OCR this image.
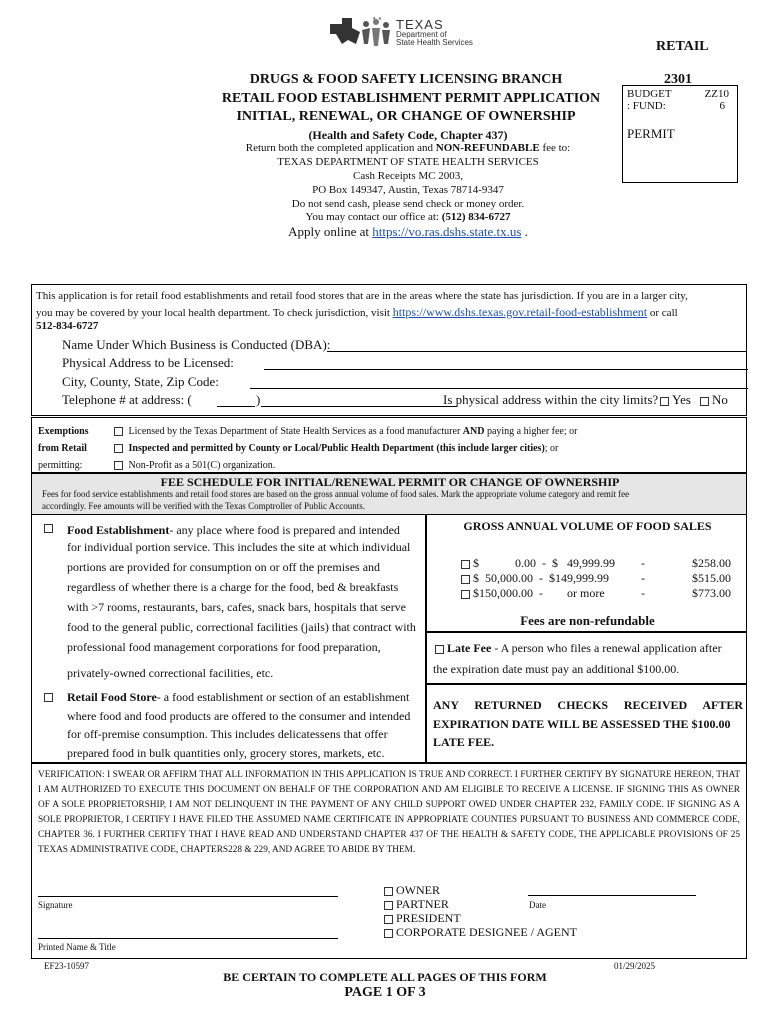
★ ★ TEXAS
Department of
State Health Services	RETAIL
2301
DRUGS & FOOD SAFETY LICENSING BRANCH
RETAIL FOOD ESTABLISHMENT PERMIT APPLICATION
INITIAL, RENEWAL, OR CHANGE OF OWNERSHIP
BUDGET	ZZ10
: FUND:	6
PERMIT
(Health and Safety Code, Chapter 437)
Return both the completed application and NON-REFUNDABLE fee to:
TEXAS DEPARTMENT OF STATE HEALTH SERVICES
Cash Receipts MC 2003,
PO Box 149347, Austin, Texas 78714-9347
Do not send cash, please send check or money order.
You may contact our office at: (512) 834-6727
Apply online at https://vo.ras.dshs.state.tx.us .
This application is for retail food establishments and retail food stores that are in the areas where the state has jurisdiction. If you are in a larger city,
you may be covered by your local health department. To check jurisdiction, visit https://www.dshs.texas.gov.retail-food-establishment or call
512-834-6727
Name Under Which Business is Conducted (DBA):
Physical Address to be Licensed:
City, County, State, Zip Code:
Telephone # at address: (	)	Is physical address within the city limits?	Yes	No
Exemptions
from Retail
permitting:
Licensed by the Texas Department of State Health Services as a food manufacturer AND paying a higher fee; or
Inspected and permitted by County or Local/Public Health Department (this include larger cities); or
Non-Profit as a 501(C) organization.
FEE SCHEDULE FOR INITIAL/RENEWAL PERMIT OR CHANGE OF OWNERSHIP
Fees for food service establishments and retail food stores are based on the gross annual volume of food sales. Mark the appropriate volume category and remit fee
accordingly. Fee amounts will be verified with the Texas Comptroller of Public Accounts.
Food Establishment- any place where food is prepared and intended
for individual portion service. This includes the site at which individual
portions are provided for consumption on or off the premises and
regardless of whether there is a charge for the food, bed & breakfasts
with >7 rooms, restaurants, bars, cafes, snack bars, hospitals that serve
food to the general public, correctional facilities (jails) that contract with
professional food management corporations for food preparation,
privately-owned correctional facilities, etc.
Retail Food Store- a food establishment or section of an establishment
where food and food products are offered to the consumer and intended
for off-premise consumption. This includes delicatessens that offer
prepared food in bulk quantities only, grocery stores, markets, etc.
GROSS ANNUAL VOLUME OF FOOD SALES
$            0.00  -  $   49,999.99 -	$258.00
$  50,000.00  -  $149,999.99	-	$515.00
$150,000.00  -        or more	-	$773.00
Fees are non-refundable
Late Fee - A person who files a renewal application after
the expiration date must pay an additional $100.00.
ANY RETURNED CHECKS RECEIVED AFTER
EXPIRATION DATE WILL BE ASSESSED THE $100.00
LATE FEE.
VERIFICATION: I SWEAR OR AFFIRM THAT ALL INFORMATION IN THIS APPLICATION IS TRUE AND CORRECT. I FURTHER CERTIFY BY SIGNATURE HEREON, THAT I AM AUTHORIZED TO EXECUTE THIS DOCUMENT ON BEHALF OF THE CORPORATION AND AM ELIGIBLE TO RECEIVE A LICENSE. IF SIGNING THIS AS OWNER OF A SOLE PROPRIETORSHIP, I AM NOT DELINQUENT IN THE PAYMENT OF ANY CHILD SUPPORT OWED UNDER CHAPTER 232, FAMILY CODE. IF SIGNING AS A SOLE PROPRIETOR, I CERTIFY I HAVE FILED THE ASSUMED NAME CERTIFICATE IN APPROPRIATE COUNTIES PURSUANT TO BUSINESS AND COMMERCE CODE, CHAPTER 36. I FURTHER CERTIFY THAT I HAVE READ AND UNDERSTAND CHAPTER 437 OF THE HEALTH & SAFETY CODE, THE APPLICABLE PROVISIONS OF 25 TEXAS ADMINISTRATIVE CODE, CHAPTERS228 & 229, AND AGREE TO ABIDE BY THEM.
Signature
OWNER
PARTNER
PRESIDENT
CORPORATE DESIGNEE / AGENT
Date
Printed Name & Title
EF23-10597	01/29/2025
BE CERTAIN TO COMPLETE ALL PAGES OF THIS FORM
PAGE 1 OF 3
